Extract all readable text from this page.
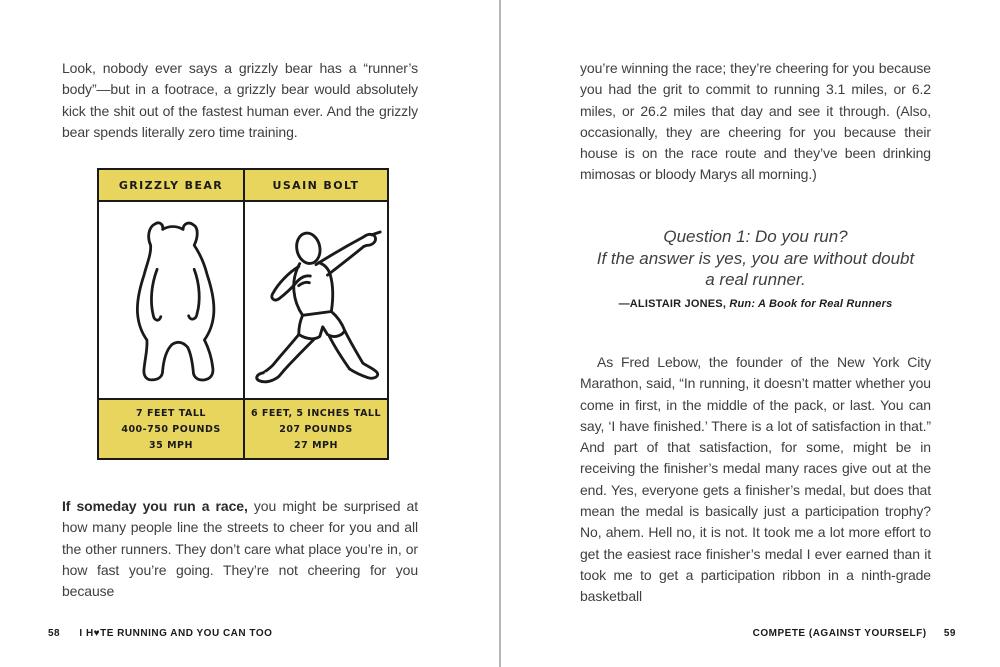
Look, nobody ever says a grizzly bear has a “runner’s body”—but in a footrace, a grizzly bear would absolutely kick the shit out of the fastest human ever. And the grizzly bear spends literally zero time training.

GRIZZLY BEAR	USAIN BOLT
7 FEET TALL
400-750 POUNDS
35 MPH
6 FEET, 5 INCHES TALL
207 POUNDS
27 MPH

If someday you run a race, you might be surprised at how many people line the streets to cheer for you and all the other runners. They don’t care what place you’re in, or how fast you’re going. They’re not cheering for you because

58 I H♥TE RUNNING AND YOU CAN TOO

you’re winning the race; they’re cheering for you because you had the grit to commit to running 3.1 miles, or 6.2 miles, or 26.2 miles that day and see it through. (Also, occasionally, they are cheering for you because their house is on the race route and they’ve been drinking mimosas or bloody Marys all morning.)

Question 1: Do you run?
If the answer is yes, you are without doubt
a real runner.
—ALISTAIR JONES, Run: A Book for Real Runners

As Fred Lebow, the founder of the New York City Marathon, said, “In running, it doesn’t matter whether you come in first, in the middle of the pack, or last. You can say, ‘I have finished.’ There is a lot of satisfaction in that.” And part of that satisfaction, for some, might be in receiving the finisher’s medal many races give out at the end. Yes, everyone gets a finisher’s medal, but does that mean the medal is basically just a participation trophy? No, ahem. Hell no, it is not. It took me a lot more effort to get the easiest race finisher’s medal I ever earned than it took me to get a participation ribbon in a ninth-grade basketball

COMPETE (AGAINST YOURSELF) 59
